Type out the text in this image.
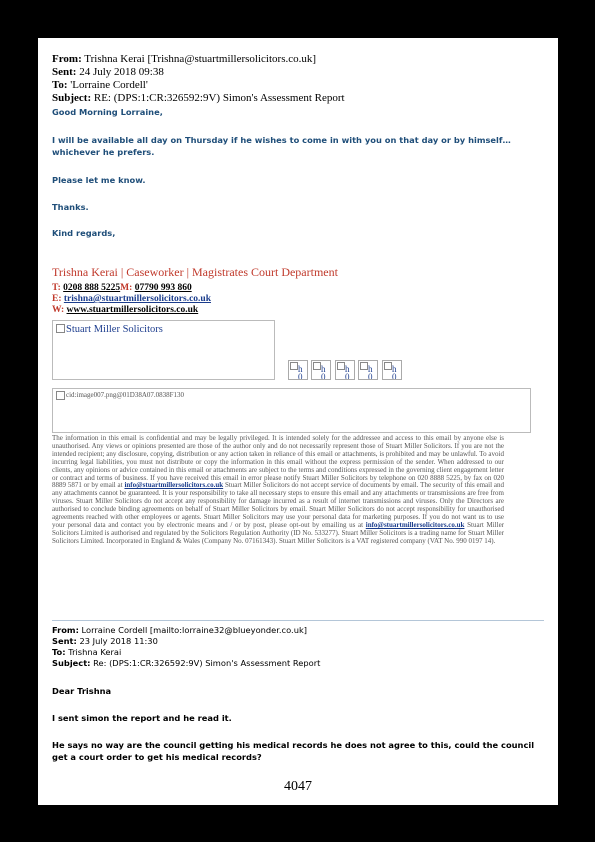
From: Trishna Kerai [Trishna@stuartmillersolicitors.co.uk]
Sent: 24 July 2018 09:38
To: 'Lorraine Cordell'
Subject: RE: (DPS:1:CR:326592:9V) Simon's Assessment Report
Good Morning Lorraine,
I will be available all day on Thursday if he wishes to come in with you on that day or by himself…whichever he prefers.
Please let me know.
Thanks.
Kind regards,
Trishna Kerai | Caseworker | Magistrates Court Department
T: 0208 888 5225M: 07790 993 860
E: trishna@stuartmillersolicitors.co.uk
W: www.stuartmillersolicitors.co.uk
Stuart Miller Solicitors
h
0
h
0
h
0
h
0
h
0
cid:image007.png@01D38A07.0838F130
The information in this email is confidential and may be legally privileged. It is intended solely for the addressee and access to this email by anyone else is unauthorised. Any views or opinions presented are those of the author only and do not necessarily represent those of Stuart Miller Solicitors. If you are not the intended recipient; any disclosure, copying, distribution or any action taken in reliance of this email or attachments, is prohibited and may be unlawful. To avoid incurring legal liabilities, you must not distribute or copy the information in this email without the express permission of the sender. When addressed to our clients, any opinions or advice contained in this email or attachments are subject to the terms and conditions expressed in the governing client engagement letter or contract and terms of business. If you have received this email in error please notify Stuart Miller Solicitors by telephone on 020 8888 5225, by fax on 020 8889 5871 or by email at info@stuartmillersolicitors.co.uk Stuart Miller Solicitors do not accept service of documents by email. The security of this email and any attachments cannot be guaranteed. It is your responsibility to take all necessary steps to ensure this email and any attachments or transmissions are free from viruses. Stuart Miller Solicitors do not accept any responsibility for damage incurred as a result of internet transmissions and viruses. Only the Directors are authorised to conclude binding agreements on behalf of Stuart Miller Solicitors by email. Stuart Miller Solicitors do not accept responsibility for unauthorised agreements reached with other employees or agents. Stuart Miller Solicitors may use your personal data for marketing purposes. If you do not want us to use your personal data and contact you by electronic means and / or by post, please opt-out by emailing us at info@stuartmillersolicitors.co.uk Stuart Miller Solicitors Limited is authorised and regulated by the Solicitors Regulation Authority (ID No. 533277). Stuart Miller Solicitors is a trading name for Stuart Miller Solicitors Limited. Incorporated in England & Wales (Company No. 07161343). Stuart Miller Solicitors is a VAT registered company (VAT No. 990 0197 14).
From: Lorraine Cordell [mailto:lorraine32@blueyonder.co.uk]
Sent: 23 July 2018 11:30
To: Trishna Kerai
Subject: Re: (DPS:1:CR:326592:9V) Simon's Assessment Report
Dear Trishna
I sent simon the report and he read it.
He says no way are the council getting his medical records he does not agree to this, could the council get a court order to get his medical records?
4047
